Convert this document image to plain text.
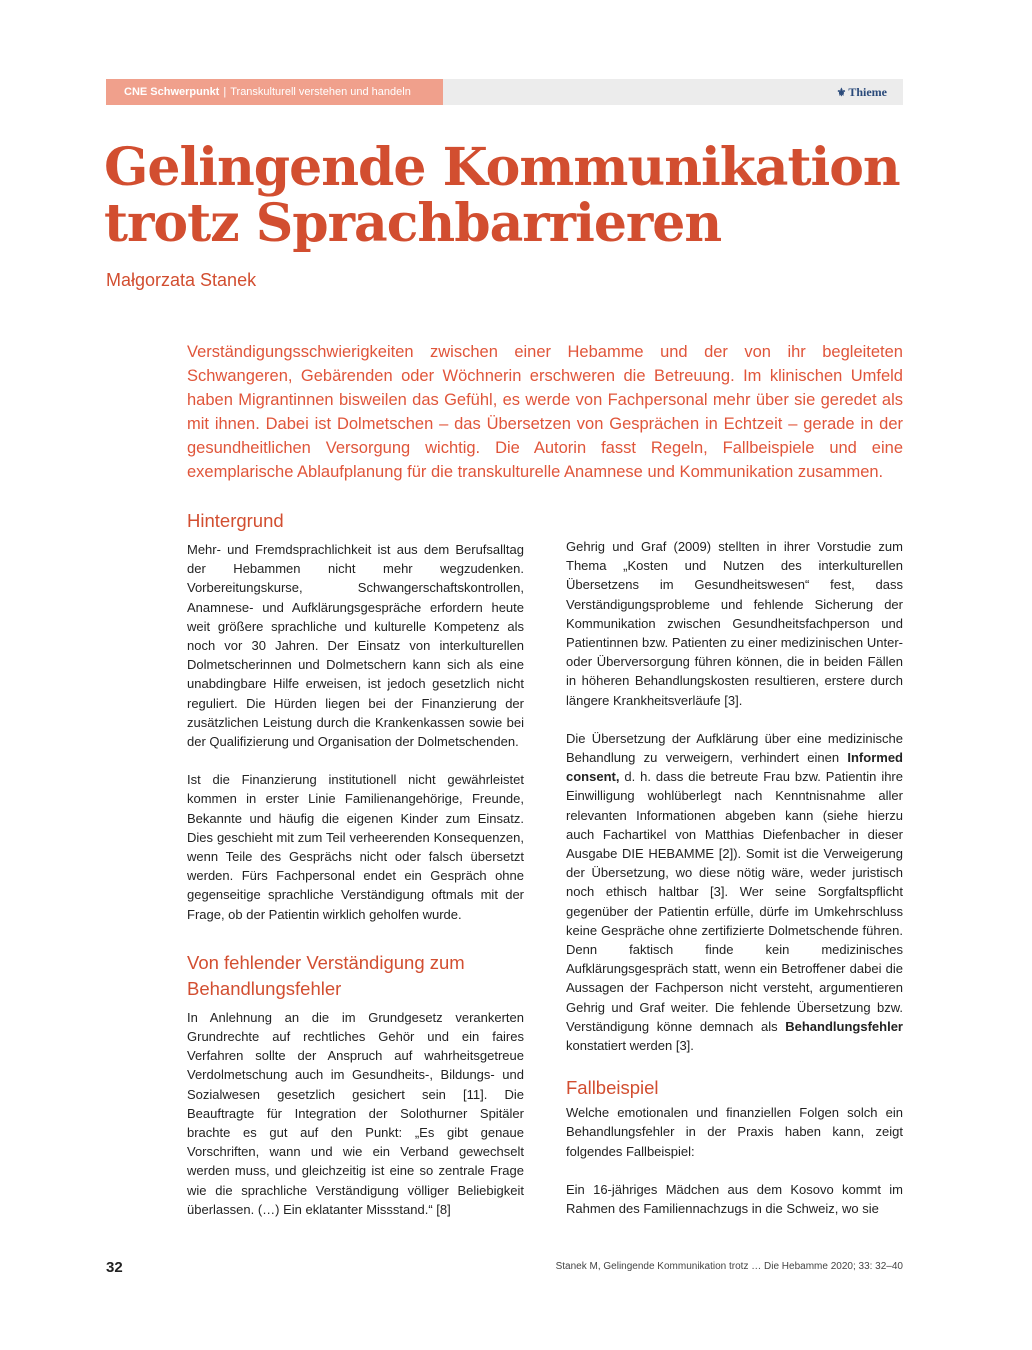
CNE Schwerpunkt | Transkulturell verstehen und handeln	⚜ Thieme
Gelingende Kommunikation
trotz Sprachbarrieren
Małgorzata Stanek

Verständigungsschwierigkeiten zwischen einer Hebamme und der von ihr begleiteten Schwangeren, Gebärenden oder Wöchnerin erschweren die Betreuung. Im klinischen Umfeld haben Migrantinnen bisweilen das Gefühl, es werde von Fachpersonal mehr über sie geredet als mit ihnen. Dabei ist Dolmetschen – das Übersetzen von Gesprächen in Echtzeit – gerade in der gesundheitlichen Versorgung wichtig. Die Autorin fasst Regeln, Fallbeispiele und eine exemplarische Ablaufplanung für die transkulturelle Anamnese und Kommunikation zusammen.

Hintergrund

Mehr- und Fremdsprachlichkeit ist aus dem Berufsalltag der Hebammen nicht mehr wegzudenken. Vorbereitungskurse, Schwangerschaftskontrollen, Anamnese- und Aufklärungsgespräche erfordern heute weit größere sprachliche und kulturelle Kompetenz als noch vor 30 Jahren. Der Einsatz von interkulturellen Dolmetscherinnen und Dolmetschern kann sich als eine unabdingbare Hilfe erweisen, ist jedoch gesetzlich nicht reguliert. Die Hürden liegen bei der Finanzierung der zusätzlichen Leistung durch die Krankenkassen sowie bei der Qualifizierung und Organisation der Dolmetschenden.

Ist die Finanzierung institutionell nicht gewährleistet kommen in erster Linie Familienangehörige, Freunde, Bekannte und häufig die eigenen Kinder zum Einsatz. Dies geschieht mit zum Teil verheerenden Konsequenzen, wenn Teile des Gesprächs nicht oder falsch übersetzt werden. Fürs Fachpersonal endet ein Gespräch ohne gegenseitige sprachliche Verständigung oftmals mit der Frage, ob der Patientin wirklich geholfen wurde.

Von fehlender Verständigung zum Behandlungsfehler

In Anlehnung an die im Grundgesetz verankerten Grundrechte auf rechtliches Gehör und ein faires Verfahren sollte der Anspruch auf wahrheitsgetreue Verdolmetschung auch im Gesundheits-, Bildungs- und Sozialwesen gesetzlich gesichert sein [11]. Die Beauftragte für Integration der Solothurner Spitäler brachte es gut auf den Punkt: „Es gibt genaue Vorschriften, wann und wie ein Verband gewechselt werden muss, und gleichzeitig ist eine so zentrale Frage wie die sprachliche Verständigung völliger Beliebigkeit überlassen. (…) Ein eklatanter Missstand.“ [8]

Gehrig und Graf (2009) stellten in ihrer Vorstudie zum Thema „Kosten und Nutzen des interkulturellen Übersetzens im Gesundheitswesen“ fest, dass Verständigungsprobleme und fehlende Sicherung der Kommunikation zwischen Gesundheitsfachperson und Patientinnen bzw. Patienten zu einer medizinischen Unter- oder Überversorgung führen können, die in beiden Fällen in höheren Behandlungskosten resultieren, erstere durch längere Krankheitsverläufe [3].

Die Übersetzung der Aufklärung über eine medizinische Behandlung zu verweigern, verhindert einen Informed consent, d. h. dass die betreute Frau bzw. Patientin ihre Einwilligung wohlüberlegt nach Kenntnisnahme aller relevanten Informationen abgeben kann (siehe hierzu auch Fachartikel von Matthias Diefenbacher in dieser Ausgabe DIE HEBAMME [2]). Somit ist die Verweigerung der Übersetzung, wo diese nötig wäre, weder juristisch noch ethisch haltbar [3]. Wer seine Sorgfaltspflicht gegenüber der Patientin erfülle, dürfe im Umkehrschluss keine Gespräche ohne zertifizierte Dolmetschende führen. Denn faktisch finde kein medizinisches Aufklärungsgespräch statt, wenn ein Betroffener dabei die Aussagen der Fachperson nicht versteht, argumentieren Gehrig und Graf weiter. Die fehlende Übersetzung bzw. Verständigung könne demnach als Behandlungsfehler konstatiert werden [3].

Fallbeispiel

Welche emotionalen und finanziellen Folgen solch ein Behandlungsfehler in der Praxis haben kann, zeigt folgendes Fallbeispiel:

Ein 16-jähriges Mädchen aus dem Kosovo kommt im Rahmen des Familiennachzugs in die Schweiz, wo sie

32	Stanek M, Gelingende Kommunikation trotz … Die Hebamme 2020; 33: 32–40
